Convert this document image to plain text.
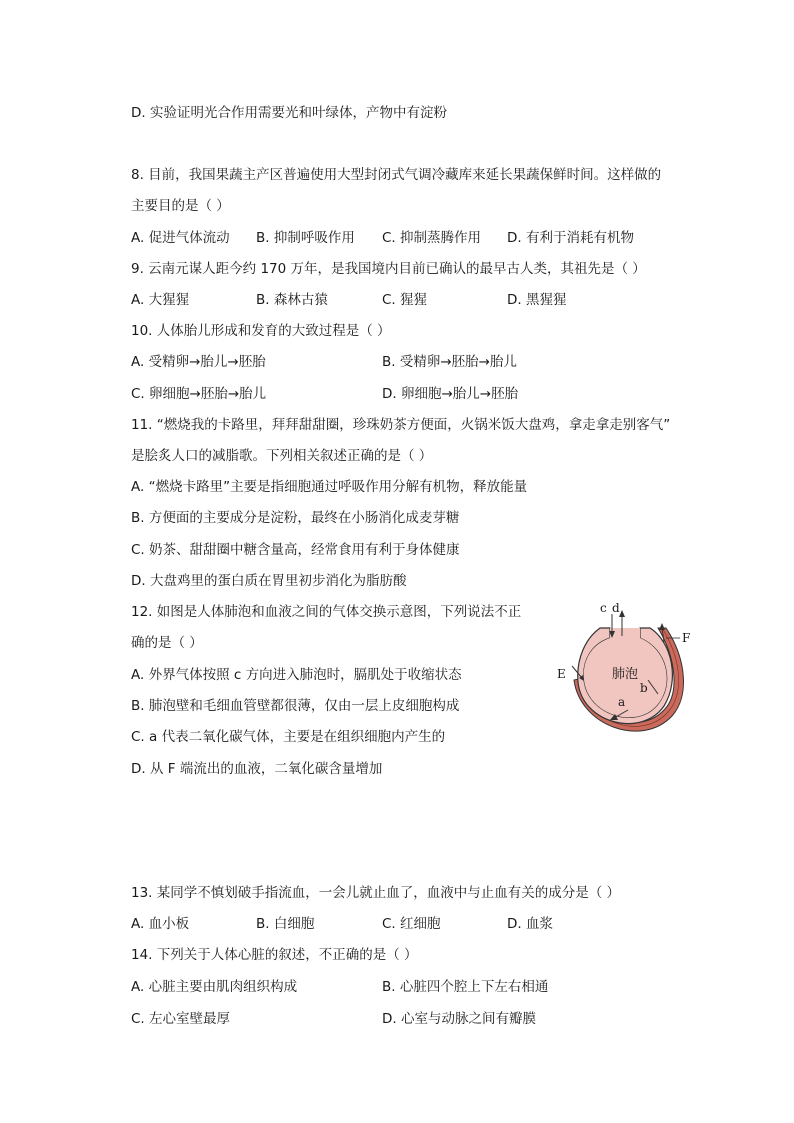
D. 实验证明光合作用需要光和叶绿体，产物中有淀粉
8. 目前，我国果蔬主产区普遍使用大型封闭式气调冷藏库来延长果蔬保鲜时间。这样做的
主要目的是（ ）
A. 促进气体流动 B. 抑制呼吸作用 C. 抑制蒸腾作用 D. 有利于消耗有机物
9. 云南元谋人距今约 170 万年，是我国境内目前已确认的最早古人类，其祖先是（ ）
A. 大猩猩	B. 森林古猿	C. 猩猩	D. 黑猩猩
10. 人体胎儿形成和发育的大致过程是（ ）
A. 受精卵→胎儿→胚胎	B. 受精卵→胚胎→胎儿
C. 卵细胞→胚胎→胎儿	D. 卵细胞→胎儿→胚胎
11. “燃烧我的卡路里，拜拜甜甜圈，珍珠奶茶方便面，火锅米饭大盘鸡，拿走拿走别客气”
是脍炙人口的减脂歌。下列相关叙述正确的是（ ）
A. “燃烧卡路里”主要是指细胞通过呼吸作用分解有机物，释放能量
B. 方便面的主要成分是淀粉，最终在小肠消化成麦芽糖
C. 奶茶、甜甜圈中糖含量高，经常食用有利于身体健康
D. 大盘鸡里的蛋白质在胃里初步消化为脂肪酸
12. 如图是人体肺泡和血液之间的气体交换示意图，下列说法不正
确的是（ ）
A. 外界气体按照 c 方向进入肺泡时，膈肌处于收缩状态
B. 肺泡壁和毛细血管壁都很薄，仅由一层上皮细胞构成
C. a 代表二氧化碳气体，主要是在组织细胞内产生的
D. 从 F 端流出的血液，二氧化碳含量增加
c d
E
F
肺泡
b
a
13. 某同学不慎划破手指流血，一会儿就止血了，血液中与止血有关的成分是（ ）
A. 血小板	B. 白细胞	C. 红细胞	D. 血浆
14. 下列关于人体心脏的叙述，不正确的是（ ）
A. 心脏主要由肌肉组织构成	B. 心脏四个腔上下左右相通
C. 左心室壁最厚	D. 心室与动脉之间有瓣膜
